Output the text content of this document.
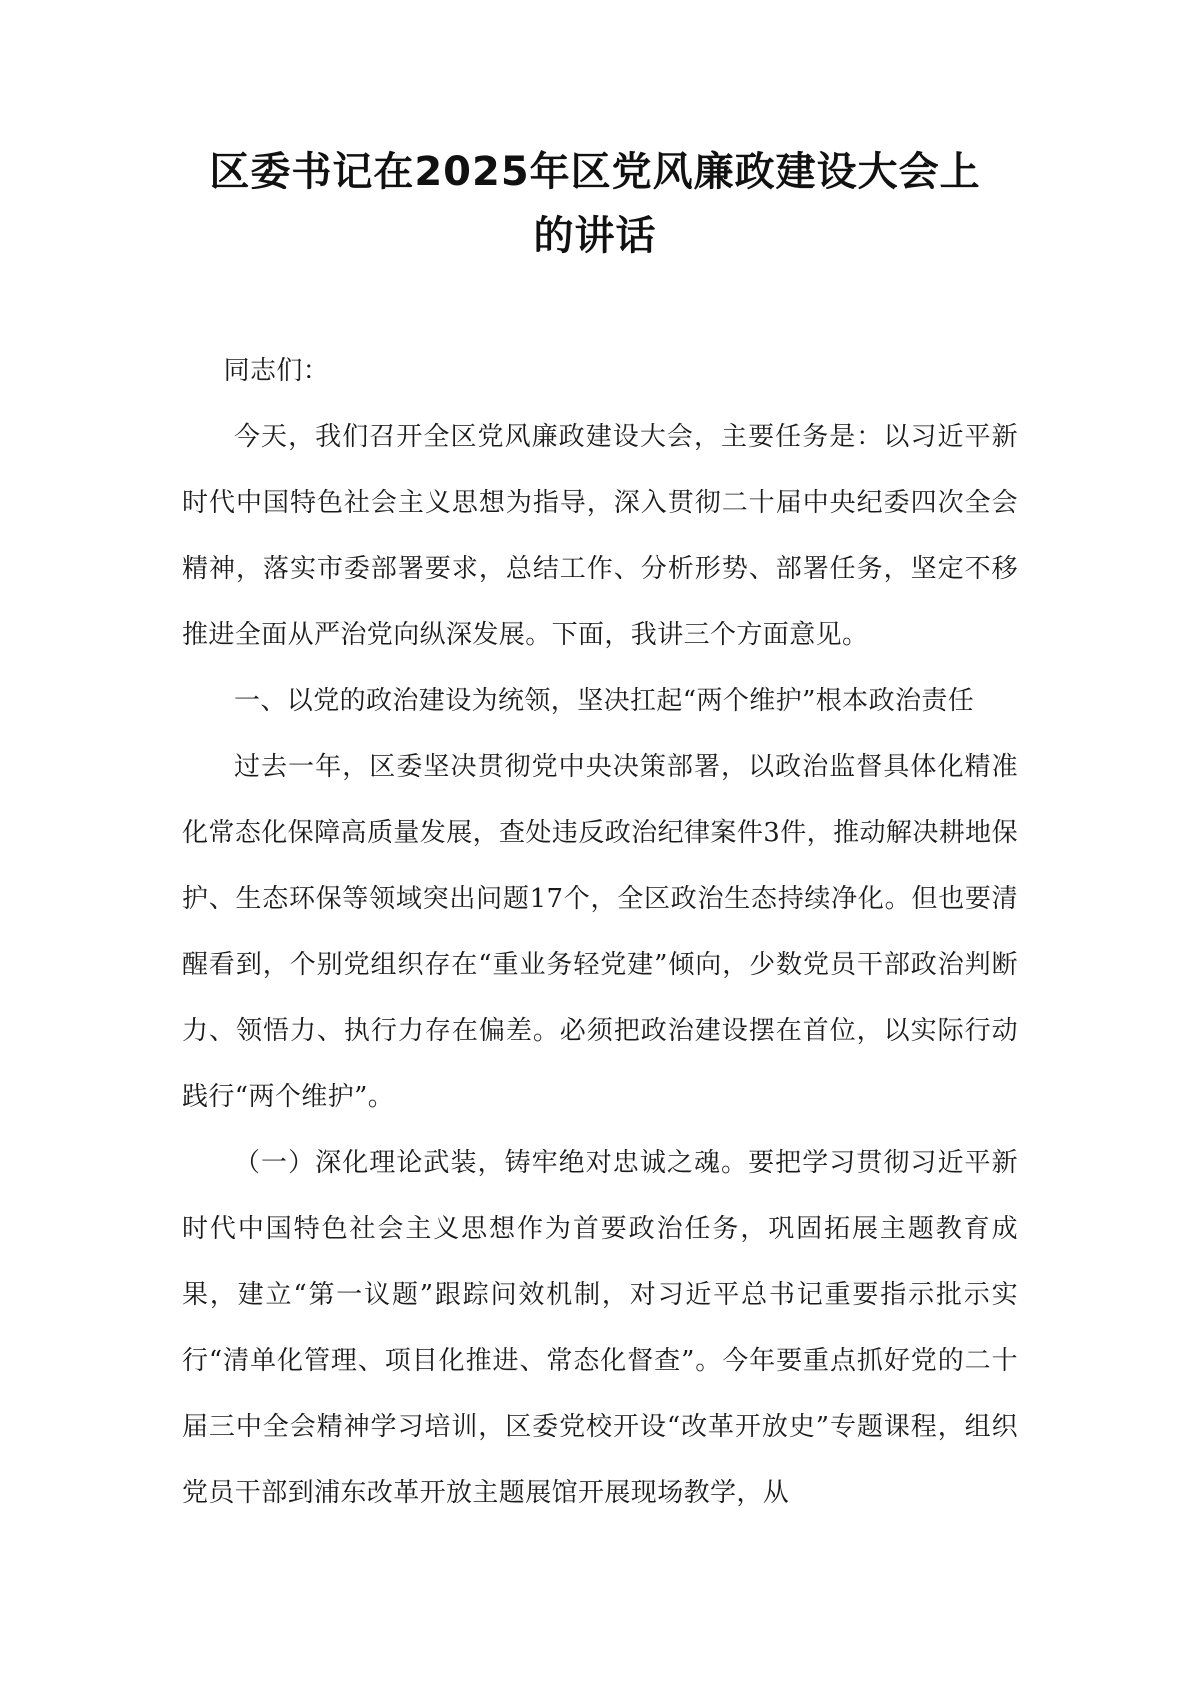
区委书记在2025年区党风廉政建设大会上
的讲话

同志们：

今天，我们召开全区党风廉政建设大会，主要任务是：以习近平新时代中国特色社会主义思想为指导，深入贯彻二十届中央纪委四次全会精神，落实市委部署要求，总结工作、分析形势、部署任务，坚定不移推进全面从严治党向纵深发展。下面，我讲三个方面意见。

一、以党的政治建设为统领，坚决扛起“两个维护”根本政治责任

过去一年，区委坚决贯彻党中央决策部署，以政治监督具体化精准化常态化保障高质量发展，查处违反政治纪律案件3件，推动解决耕地保护、生态环保等领域突出问题17个，全区政治生态持续净化。但也要清醒看到，个别党组织存在“重业务轻党建”倾向，少数党员干部政治判断力、领悟力、执行力存在偏差。必须把政治建设摆在首位，以实际行动践行“两个维护”。

（一）深化理论武装，铸牢绝对忠诚之魂。要把学习贯彻习近平新时代中国特色社会主义思想作为首要政治任务，巩固拓展主题教育成果，建立“第一议题”跟踪问效机制，对习近平总书记重要指示批示实行“清单化管理、项目化推进、常态化督查”。今年要重点抓好党的二十届三中全会精神学习培训，区委党校开设“改革开放史”专题课程，组织党员干部到浦东改革开放主题展馆开展现场教学，从
